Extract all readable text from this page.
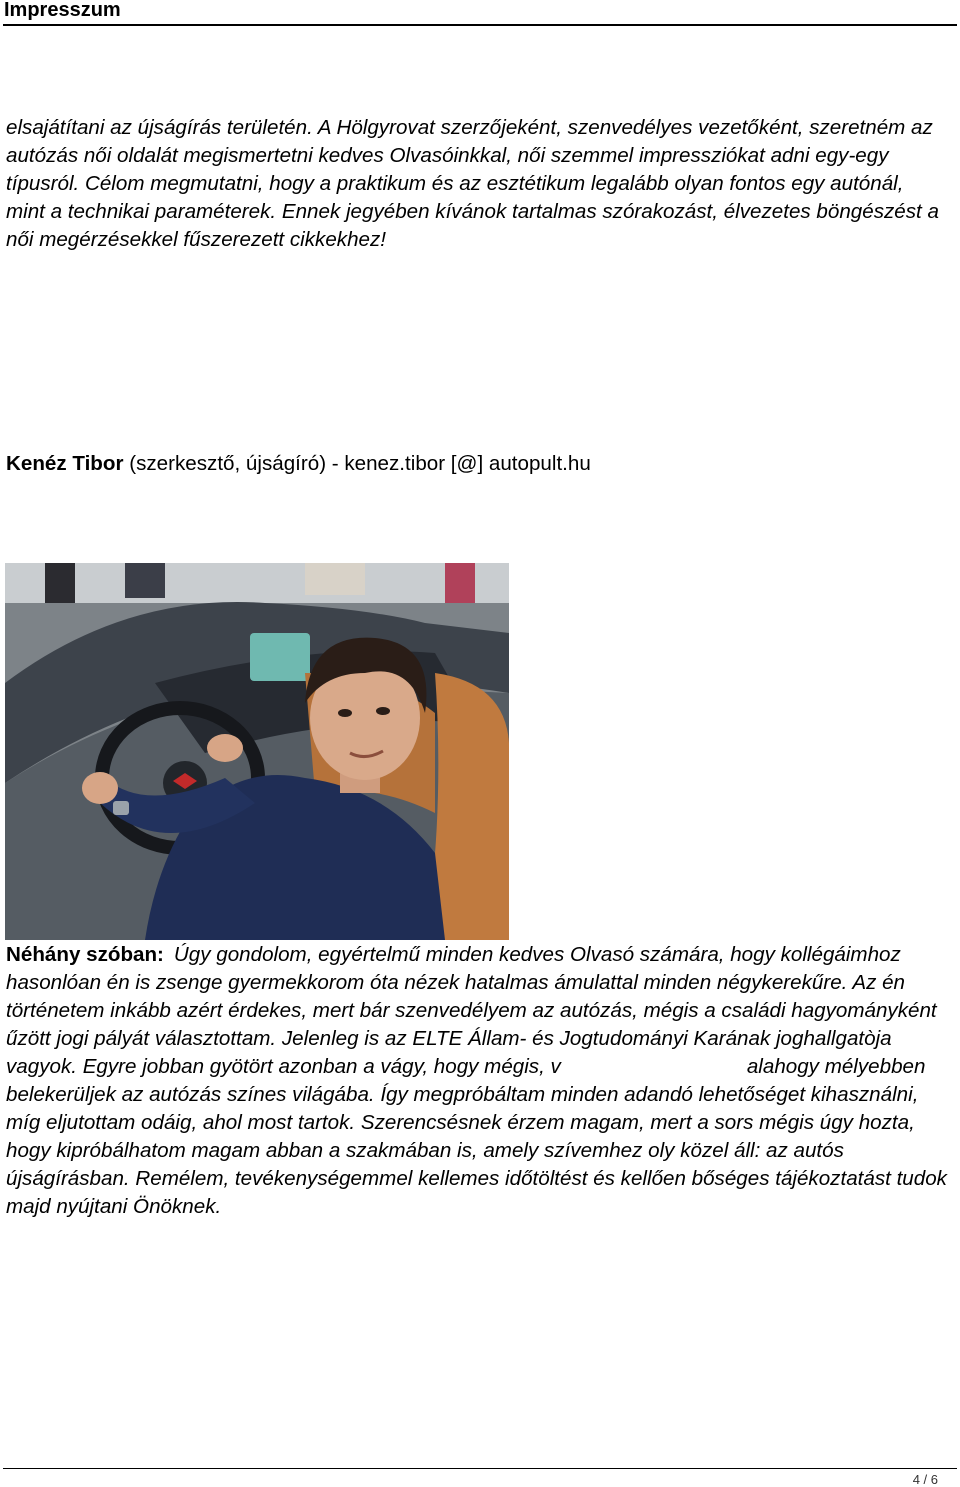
Impresszum

elsajátítani az újságírás területén. A Hölgyrovat szerzőjeként, szenvedélyes vezetőként, szeretném az autózás női oldalát megismertetni kedves Olvasóinkkal, női szemmel impressziókat adni egy-egy típusról. Célom megmutatni, hogy a praktikum és az esztétikum legalább olyan fontos egy autónál, mint a technikai paraméterek. Ennek jegyében kívánok tartalmas szórakozást, élvezetes böngészést a női megérzésekkel fűszerezett cikkekhez!

Kenéz Tibor (szerkesztő, újságíró) - kenez.tibor [@] autopult.hu

Néhány szóban: Úgy gondolom, egyértelmű minden kedves Olvasó számára, hogy kollégáimhoz hasonlóan én is zsenge gyermekkorom óta nézek hatalmas ámulattal minden négykerekűre. Az én történetem inkább azért érdekes, mert bár szenvedélyem az autózás, mégis a családi hagyományként űzött jogi pályát választottam. Jelenleg is az ELTE Állam- és Jogtudományi Karának joghallgatòja vagyok. Egyre jobban gyötört azonban a vágy, hogy mégis, v	alahogy mélyebben belekerüljek az autózás színes világába. Így megpróbáltam minden adandó lehetőséget kihasználni, míg eljutottam odáig, ahol most tartok. Szerencsésnek érzem magam, mert a sors mégis úgy hozta, hogy kipróbálhatom magam abban a szakmában is, amely szívemhez oly közel áll: az autós újságírásban. Remélem, tevékenységemmel kellemes időtöltést és kellően bőséges tájékoztatást tudok majd nyújtani Önöknek.

4 / 6
